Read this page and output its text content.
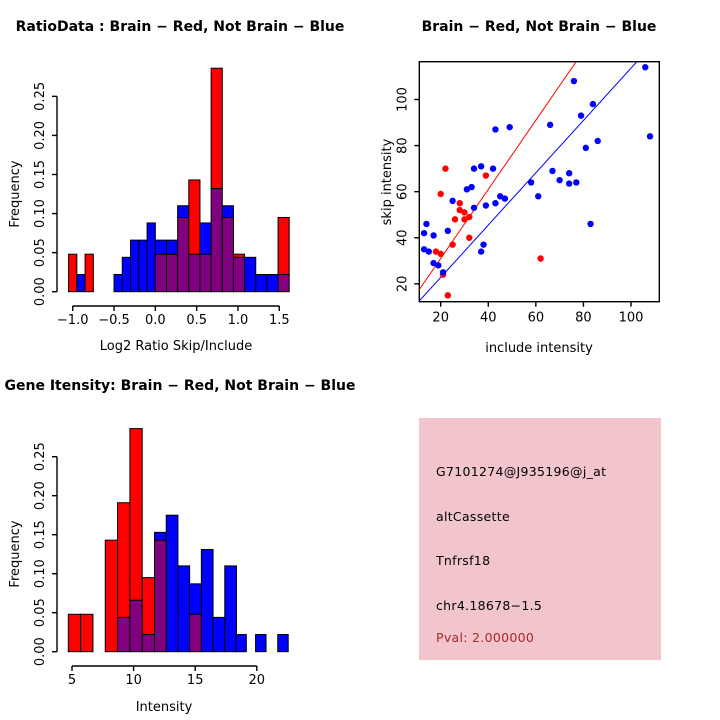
0.00
0.05
0.10
0.15
0.20
0.25
−1.0 −0.5 0.0 0.5 1.0 1.5
RatioData : Brain − Red, Not Brain − Blue
Log2 Ratio Skip/Include
Frequency
20 40 60 80 100
20
40
60
80
100
Brain − Red, Not Brain − Blue
include intensity
skip intensity
0.00
0.05
0.10
0.15
0.20
0.25
5	10	15	20
Gene Itensity: Brain − Red, Not Brain − Blue
Intensity
Frequency
G7101274@J935196@j_at
altCassette
Tnfrsf18
chr4.18678−1.5
Pval: 2.000000
